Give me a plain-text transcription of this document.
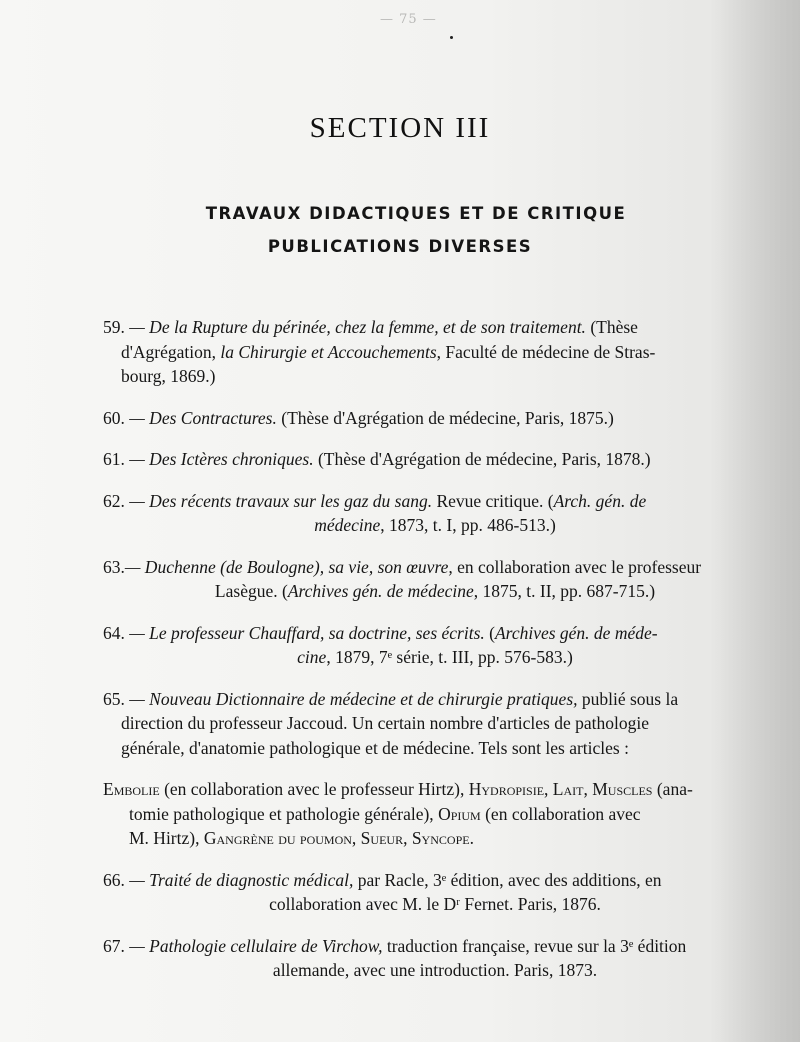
— 75 —
SECTION III
TRAVAUX DIDACTIQUES ET DE CRITIQUE
PUBLICATIONS DIVERSES

59. — De la Rupture du périnée, chez la femme, et de son traitement. (Thèse
d'Agrégation, la Chirurgie et Accouchements, Faculté de médecine de Stras-
bourg, 1869.)

60. — Des Contractures. (Thèse d'Agrégation de médecine, Paris, 1875.)

61. — Des Ictères chroniques. (Thèse d'Agrégation de médecine, Paris, 1878.)

62. — Des récents travaux sur les gaz du sang. Revue critique. (Arch. gén. de

médecine, 1873, t. I, pp. 486-513.)

63.— Duchenne (de Boulogne), sa vie, son œuvre, en collaboration avec le professeur

Lasègue. (Archives gén. de médecine, 1875, t. II, pp. 687-715.)

64. — Le professeur Chauffard, sa doctrine, ses écrits. (Archives gén. de méde-

cine, 1879, 7ᵉ série, t. III, pp. 576-583.)

65. — Nouveau Dictionnaire de médecine et de chirurgie pratiques, publié sous la
direction du professeur Jaccoud. Un certain nombre d'articles de pathologie
générale, d'anatomie pathologique et de médecine. Tels sont les articles :

Embolie (en collaboration avec le professeur Hirtz), Hydropisie, Lait, Muscles (ana-

tomie pathologique et pathologie générale), Opium (en collaboration avec
M. Hirtz), Gangrène du poumon, Sueur, Syncope.

66. — Traité de diagnostic médical, par Racle, 3ᵉ édition, avec des additions, en

collaboration avec M. le Dʳ Fernet. Paris, 1876.

67. — Pathologie cellulaire de Virchow, traduction française, revue sur la 3ᵉ édition

allemande, avec une introduction. Paris, 1873.
